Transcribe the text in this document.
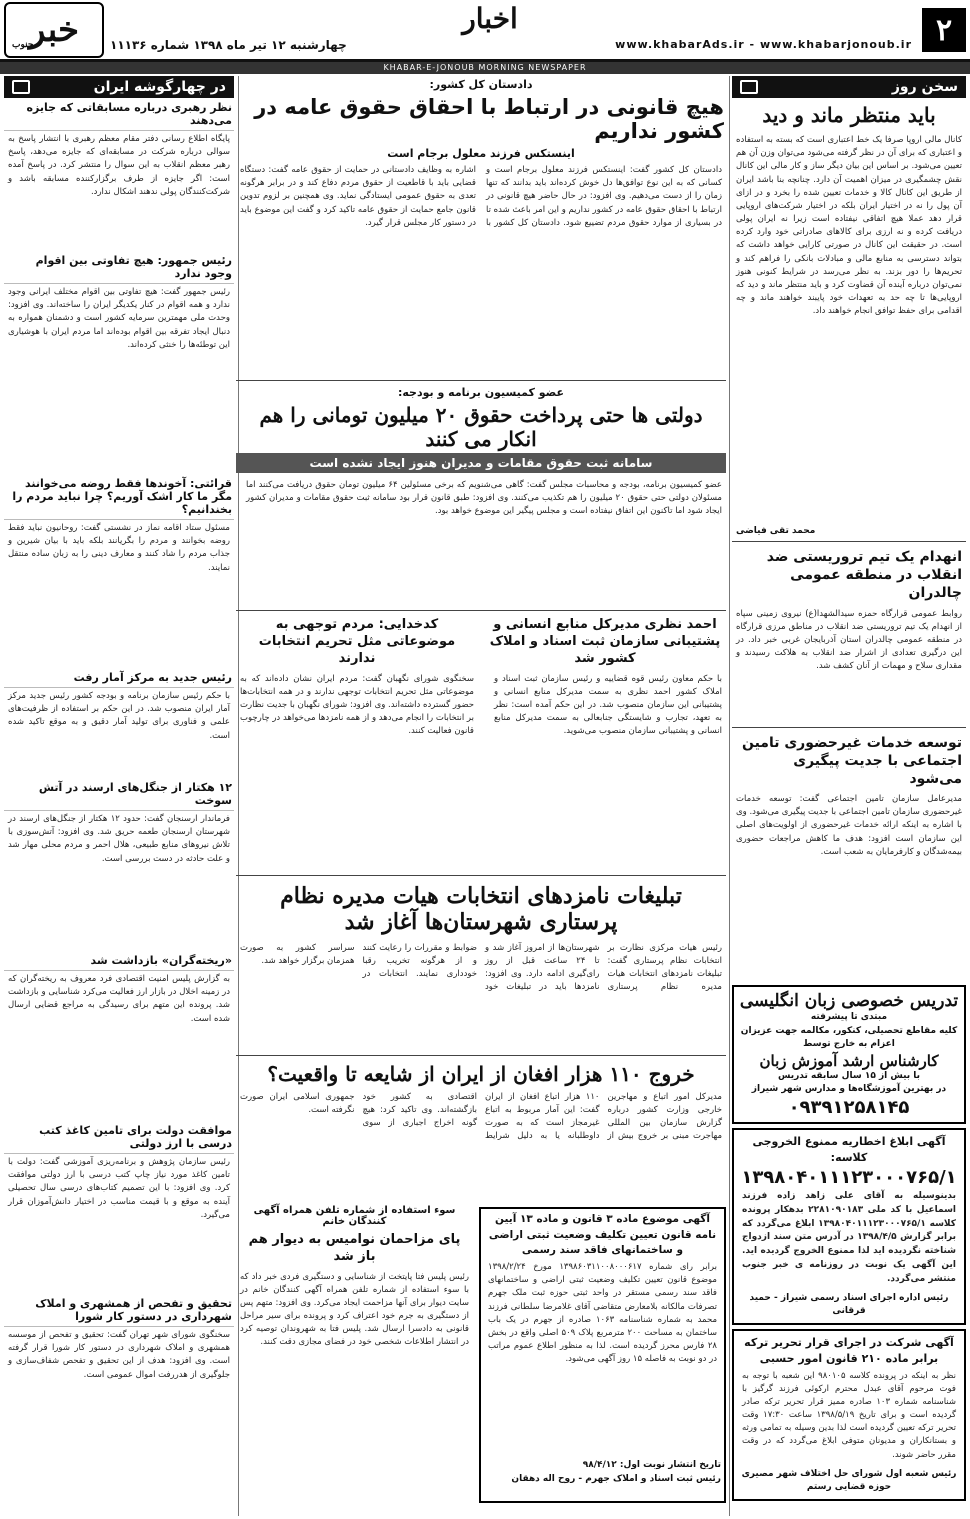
۲
www.khabarAds.ir - www.khabarjonoub.ir
اخبار
چهارشنبه ۱۲ تیر ماه ۱۳۹۸ شماره ۱۱۱۳۶
خبر
جنوب
KHABAR-E-JONOUB MORNING NEWSPAPER
سخن روز
باید منتظر ماند و دید

کانال مالی اروپا صرفا یک خط اعتباری است که بسته به استفاده و اعتباری که برای آن در نظر گرفته می‌شود می‌توان وزن آن هم تعیین می‌شود. بر اساس این بیان دیگر ساز و کار مالی این کانال نقش چشمگیری در میزان اهمیت آن دارد. چنانچه بنا باشد ایران از طریق این کانال کالا و خدمات تعیین شده را بخرد و در ازای آن پول را نه در اختیار ایران بلکه در اختیار شرکت‌های اروپایی قرار دهد عملا هیچ اتفاقی نیفتاده است زیرا نه ایران پولی دریافت کرده و نه ارزی برای کالاهای صادراتی خود وارد کرده است. در حقیقت این کانال در صورتی کارایی خواهد داشت که بتواند دسترسی به منابع مالی و مبادلات بانکی را فراهم کند و تحریم‌ها را دور بزند. به نظر می‌رسد در شرایط کنونی هنوز نمی‌توان درباره آینده آن قضاوت کرد و باید منتظر ماند و دید که اروپایی‌ها تا چه حد به تعهدات خود پایبند خواهند ماند و چه اقدامی برای حفظ توافق انجام خواهند داد.

محمد تقی فیاضی
انهدام یک تیم تروریستی ضد انقلاب در منطقه عمومی چالدران

روابط عمومی قرارگاه حمزه سیدالشهدا(ع) نیروی زمینی سپاه از انهدام یک تیم تروریستی ضد انقلاب در مناطق مرزی قرارگاه در منطقه عمومی چالدران استان آذربایجان غربی خبر داد. در این درگیری تعدادی از اشرار ضد انقلاب به هلاکت رسیدند و مقداری سلاح و مهمات از آنان کشف شد.

توسعه خدمات غیرحضوری تامین اجتماعی با جدیت پیگیری می‌شود

مدیرعامل سازمان تامین اجتماعی گفت: توسعه خدمات غیرحضوری سازمان تامین اجتماعی با جدیت پیگیری می‌شود. وی با اشاره به اینکه ارائه خدمات غیرحضوری از اولویت‌های اصلی این سازمان است افزود: هدف ما کاهش مراجعات حضوری بیمه‌شدگان و کارفرمایان به شعب است.

تدریس خصوصی زبان انگلیسی
مبتدی تا پیشرفته
کلیه مقاطع تحصیلی، کنکور، مکالمه جهت عزیزان اعزام به خارج توسط
کارشناس ارشد آموزش زبان
با بیش از ۱۵ سال سابقه تدریس
در بهترین آموزشگاه‌ها و مدارس شهر شیراز
۰۹۳۹۱۲۵۸۱۴۵
آگهی ابلاغ اخطاریه ممنوع الخروجی کلاسه:
۱۳۹۸۰۴۰۱۱۱۲۳۰۰۰۷۶۵/۱

بدینوسیله به آقای علی زاهد زاده فرزند اسماعیل با کد ملی ۲۲۸۱۰۹۰۱۸۳ بدهکار پرونده کلاسه ۱۳۹۸۰۴۰۱۱۱۲۳۰۰۰۷۶۵/۱ ابلاغ می‌گردد که برابر گزارش ۱۳۹۸/۴/۵ در آدرس متن سند ازدواج شناخته نگردیده اید لذا ممنوع الخروج گردیده اید. این آگهی یک نوبت در روزنامه ی خبر جنوب منتشر می‌گردد.

رئیس اداره اجرای اسناد رسمی شیراز - حمید قرقانی
آگهی شرکت در اجرای قرار تحریر ترکه برابر ماده ۲۱۰ قانون امور حسبی

نظر به اینکه در پرونده کلاسه ۹۸۰۱۰۵ این شعبه با توجه به فوت مرحوم آقای عبدل محترم ارکوئی فرزند گرگیز با شناسنامه شماره ۱۰۳ صادره ممیز قرار تحریر ترکه صادر گردیده است و برای تاریخ ۱۳۹۸/۵/۱۹ ساعت ۱۷:۳۰ وقت تحریر ترکه تعیین گردیده است لذا بدین وسیله به تمامی ورثه و بستانکاران و مدیونان متوفی ابلاغ می‌گردد که در وقت مقرر حاضر شوند.

رئیس شعبه اول شورای حل اختلاف شهر مصیری حوزه قضایی رستم
دادستان کل کشور:
هیچ قانونی در ارتباط با احقاق حقوق عامه در کشور نداریم
اینستکس فرزند معلول برجام است

دادستان کل کشور گفت: اینستکس فرزند معلول برجام است و کسانی که به این نوع توافق‌ها دل خوش کرده‌اند باید بدانند که تنها زمان را از دست می‌دهیم. وی افزود: در حال حاضر هیچ قانونی در ارتباط با احقاق حقوق عامه در کشور نداریم و این امر باعث شده تا در بسیاری از موارد حقوق مردم تضییع شود. دادستان کل کشور با اشاره به وظایف دادستانی در حمایت از حقوق عامه گفت: دستگاه قضایی باید با قاطعیت از حقوق مردم دفاع کند و در برابر هرگونه تعدی به حقوق عمومی ایستادگی نماید. وی همچنین بر لزوم تدوین قانون جامع حمایت از حقوق عامه تاکید کرد و گفت این موضوع باید در دستور کار مجلس قرار گیرد.

عضو کمیسیون برنامه و بودجه:
دولتی ها حتی پرداخت حقوق ۲۰ میلیون تومانی را هم انکار می کنند
سامانه ثبت حقوق مقامات و مدیران هنوز ایجاد نشده است

عضو کمیسیون برنامه، بودجه و محاسبات مجلس گفت: گاهی می‌شنویم که برخی مسئولین ۶۴ میلیون تومان حقوق دریافت می‌کنند اما مسئولان دولتی حتی حقوق ۲۰ میلیون را هم تکذیب می‌کنند. وی افزود: طبق قانون قرار بود سامانه ثبت حقوق مقامات و مدیران کشور ایجاد شود اما تاکنون این اتفاق نیفتاده است و مجلس پیگیر این موضوع خواهد بود.

احمد نظری مدیرکل منابع انسانی و پشتیبانی سازمان ثبت اسناد و املاک کشور شد

با حکم معاون رئیس قوه قضاییه و رئیس سازمان ثبت اسناد و املاک کشور احمد نظری به سمت مدیرکل منابع انسانی و پشتیبانی این سازمان منصوب شد. در این حکم آمده است: نظر به تعهد، تجارب و شایستگی جنابعالی به سمت مدیرکل منابع انسانی و پشتیبانی سازمان منصوب می‌شوید.

کدخدایی: مردم توجهی به موضوعاتی مثل تحریم انتخابات ندارند

سخنگوی شورای نگهبان گفت: مردم ایران نشان داده‌اند که به موضوعاتی مثل تحریم انتخابات توجهی ندارند و در همه انتخابات‌ها حضور گسترده داشته‌اند. وی افزود: شورای نگهبان با جدیت نظارت بر انتخابات را انجام می‌دهد و از همه نامزدها می‌خواهد در چارچوب قانون فعالیت کنند.

تبلیغات نامزدهای انتخابات هیات مدیره نظام پرستاری شهرستان‌ها آغاز شد

رئیس هیات مرکزی نظارت بر انتخابات نظام پرستاری گفت: تبلیغات نامزدهای انتخابات هیات مدیره نظام پرستاری شهرستان‌ها از امروز آغاز شد و تا ۲۴ ساعت قبل از روز رای‌گیری ادامه دارد. وی افزود: نامزدها باید در تبلیغات خود ضوابط و مقررات را رعایت کنند و از هرگونه تخریب رقبا خودداری نمایند. انتخابات در سراسر کشور به صورت همزمان برگزار خواهد شد.

خروج ۱۱۰ هزار افغان از ایران از شایعه تا واقعیت؟

مدیرکل امور اتباع و مهاجرین خارجی وزارت کشور درباره گزارش سازمان بین المللی مهاجرت مبنی بر خروج بیش از ۱۱۰ هزار اتباع افغان از ایران گفت: این آمار مربوط به اتباع غیرمجاز است که به صورت داوطلبانه یا به دلیل شرایط اقتصادی به کشور خود بازگشته‌اند. وی تاکید کرد: هیچ گونه اخراج اجباری از سوی جمهوری اسلامی ایران صورت نگرفته است.

آگهی موضوع ماده ۳ قانون و ماده ۱۳ آیین نامه قانون تعیین تکلیف وضعیت ثبتی اراضی و ساختمانهای فاقد سند رسمی

برابر رای شماره ۱۳۹۸۶۰۳۱۱۰۰۸۰۰۰۶۱۷ مورخ ۱۳۹۸/۲/۲۴ موضوع قانون تعیین تکلیف وضعیت ثبتی اراضی و ساختمانهای فاقد سند رسمی مستقر در واحد ثبتی حوزه ثبت ملک جهرم تصرفات مالکانه بلامعارض متقاضی آقای غلامرضا سلطانی فرزند محمد به شماره شناسنامه ۱۰۶۳ صادره از جهرم در یک باب ساختمان به مساحت ۲۰۰ مترمربع پلاک ۵۰۹ اصلی واقع در بخش ۲۸ فارس محرز گردیده است. لذا به منظور اطلاع عموم مراتب در دو نوبت به فاصله ۱۵ روز آگهی می‌شود.

تاریخ انتشار نوبت اول: ۹۸/۴/۱۲
رئیس ثبت اسناد و املاک جهرم - روح اله دهقان
سوء استفاده از شماره تلفن همراه آگهی کنندگان خانم
پای مزاحمان نوامیس به دیوار هم باز شد

رئیس پلیس فتا پایتخت از شناسایی و دستگیری فردی خبر داد که با سوء استفاده از شماره تلفن همراه آگهی کنندگان خانم در سایت دیوار برای آنها مزاحمت ایجاد می‌کرد. وی افزود: متهم پس از دستگیری به جرم خود اعتراف کرد و پرونده برای سیر مراحل قانونی به دادسرا ارسال شد. پلیس فتا به شهروندان توصیه کرد در انتشار اطلاعات شخصی خود در فضای مجازی دقت کنند.

در چهارگوشه ایران
نظر رهبری درباره مسابقاتی که جایزه می‌دهند

پایگاه اطلاع رسانی دفتر مقام معظم رهبری با انتشار پاسخ به سوالی درباره شرکت در مسابقه‌ای که جایزه می‌دهد، پاسخ رهبر معظم انقلاب به این سوال را منتشر کرد. در پاسخ آمده است: اگر جایزه از طرف برگزارکننده مسابقه باشد و شرکت‌کنندگان پولی ندهند اشکال ندارد.

رئیس جمهور: هیچ تفاوتی بین اقوام وجود ندارد

رئیس جمهور گفت: هیچ تفاوتی بین اقوام مختلف ایرانی وجود ندارد و همه اقوام در کنار یکدیگر ایران را ساخته‌اند. وی افزود: وحدت ملی مهمترین سرمایه کشور است و دشمنان همواره به دنبال ایجاد تفرقه بین اقوام بوده‌اند اما مردم ایران با هوشیاری این توطئه‌ها را خنثی کرده‌اند.

قرائتی: آخوندها فقط روضه می‌خوانند مگر ما کار اشک آوریم؟ چرا نباید مردم را بخندانیم؟

مسئول ستاد اقامه نماز در نشستی گفت: روحانیون نباید فقط روضه بخوانند و مردم را بگریانند بلکه باید با بیان شیرین و جذاب مردم را شاد کنند و معارف دینی را به زبان ساده منتقل نمایند.

رئیس جدید به مرکز آمار رفت

با حکم رئیس سازمان برنامه و بودجه کشور رئیس جدید مرکز آمار ایران منصوب شد. در این حکم بر استفاده از ظرفیت‌های علمی و فناوری برای تولید آمار دقیق و به موقع تاکید شده است.

۱۲ هکتار از جنگل‌های ارسند در آتش سوخت

فرماندار ارسنجان گفت: حدود ۱۲ هکتار از جنگل‌های ارسند در شهرستان ارسنجان طعمه حریق شد. وی افزود: آتش‌سوزی با تلاش نیروهای منابع طبیعی، هلال احمر و مردم محلی مهار شد و علت حادثه در دست بررسی است.

«ریخته‌گران» بازداشت شد

به گزارش پلیس امنیت اقتصادی فرد معروف به ریخته‌گران که در زمینه اخلال در بازار ارز فعالیت می‌کرد شناسایی و بازداشت شد. پرونده این متهم برای رسیدگی به مراجع قضایی ارسال شده است.

موافقت دولت برای تامین کاغذ کتب درسی با ارز دولتی

رئیس سازمان پژوهش و برنامه‌ریزی آموزشی گفت: دولت با تامین کاغذ مورد نیاز چاپ کتب درسی با ارز دولتی موافقت کرد. وی افزود: با این تصمیم کتاب‌های درسی سال تحصیلی آینده به موقع و با قیمت مناسب در اختیار دانش‌آموزان قرار می‌گیرد.

تحقیق و تفحص از همشهری و املاک شهرداری در دستور کار شورا

سخنگوی شورای شهر تهران گفت: تحقیق و تفحص از موسسه همشهری و املاک شهرداری در دستور کار شورا قرار گرفته است. وی افزود: هدف از این تحقیق و تفحص شفاف‌سازی و جلوگیری از هدررفت اموال عمومی است.
